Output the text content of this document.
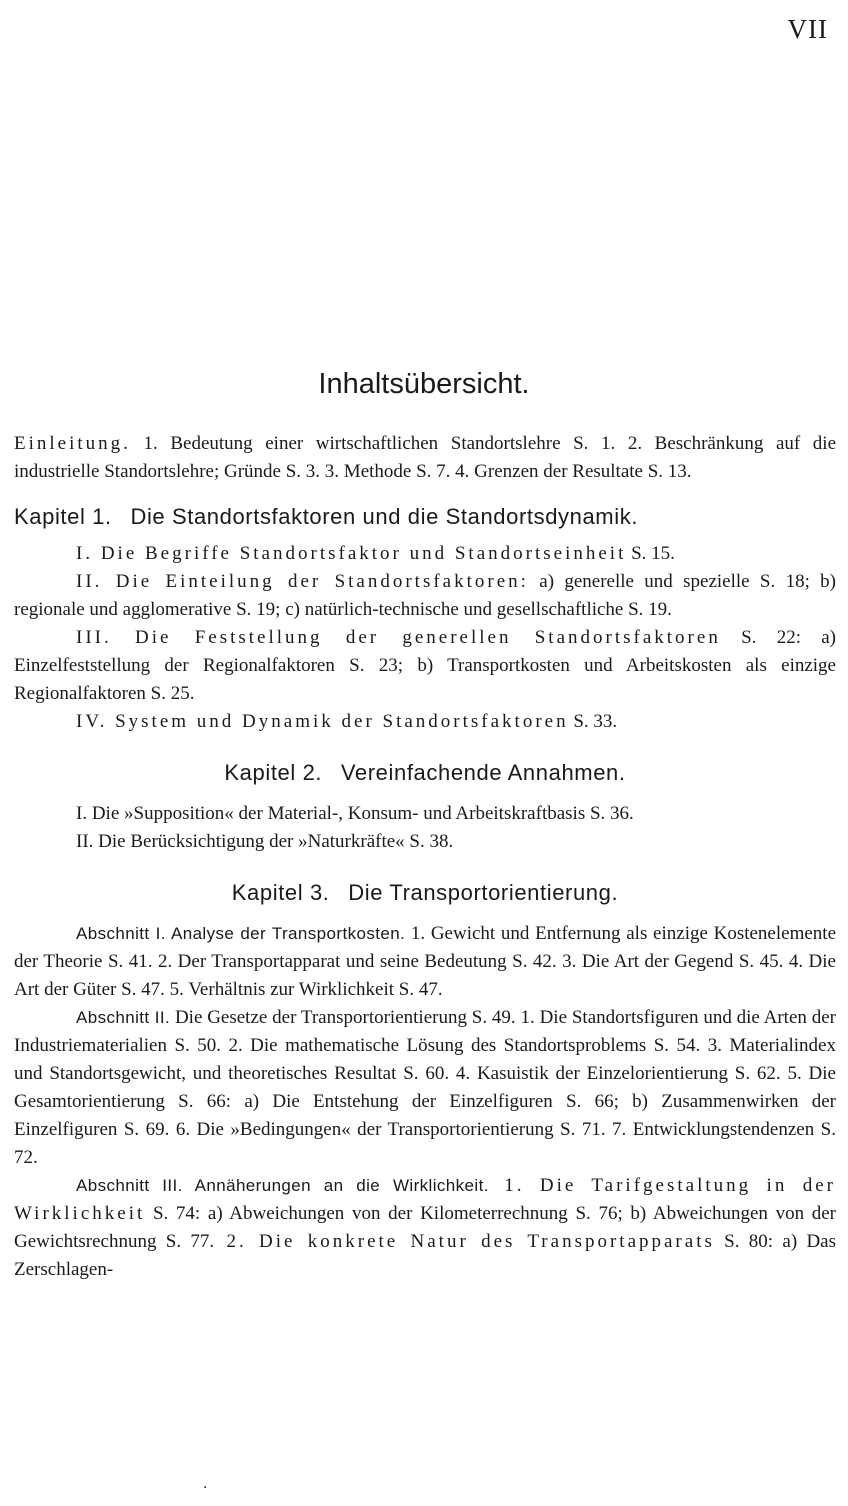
VII
Inhaltsübersicht.

Einleitung. 1. Bedeutung einer wirtschaftlichen Standortslehre S. 1. 2. Beschränkung auf die industrielle Standortslehre; Gründe S. 3. 3. Methode S. 7. 4. Grenzen der Resultate S. 13.

Kapitel 1. Die Standortsfaktoren und die Standortsdynamik.

I. Die Begriffe Standortsfaktor und Standortseinheit S. 15.

II. Die Einteilung der Standortsfaktoren: a) generelle und spezielle S. 18; b) regionale und agglomerative S. 19; c) natürlich-technische und gesellschaftliche S. 19.

III. Die Feststellung der generellen Standortsfaktoren S. 22: a) Einzelfeststellung der Regionalfaktoren S. 23; b) Transportkosten und Arbeitskosten als einzige Regionalfaktoren S. 25.

IV. System und Dynamik der Standortsfaktoren S. 33.

Kapitel 2. Vereinfachende Annahmen.

I. Die »Supposition« der Material-, Konsum- und Arbeitskraftbasis S. 36.

II. Die Berücksichtigung der »Naturkräfte« S. 38.

Kapitel 3. Die Transportorientierung.

Abschnitt I. Analyse der Transportkosten. 1. Gewicht und Entfernung als einzige Kostenelemente der Theorie S. 41. 2. Der Transportapparat und seine Bedeutung S. 42. 3. Die Art der Gegend S. 45. 4. Die Art der Güter S. 47. 5. Verhältnis zur Wirklichkeit S. 47.

Abschnitt II. Die Gesetze der Transportorientierung S. 49. 1. Die Standortsfiguren und die Arten der Industriematerialien S. 50. 2. Die mathematische Lösung des Standortsproblems S. 54. 3. Materialindex und Standortsgewicht, und theoretisches Resultat S. 60. 4. Kasuistik der Einzelorientierung S. 62. 5. Die Gesamtorientierung S. 66: a) Die Entstehung der Einzelfiguren S. 66; b) Zusammenwirken der Einzelfiguren S. 69. 6. Die »Bedingungen« der Transportorientierung S. 71. 7. Entwicklungstendenzen S. 72.

Abschnitt III. Annäherungen an die Wirklichkeit. 1. Die Tarifgestaltung in der Wirklichkeit S. 74: a) Abweichungen von der Kilometerrechnung S. 76; b) Abweichungen von der Gewichtsrechnung S. 77. 2. Die konkrete Natur des Transportapparats S. 80: a) Das Zerschlagen-

·
